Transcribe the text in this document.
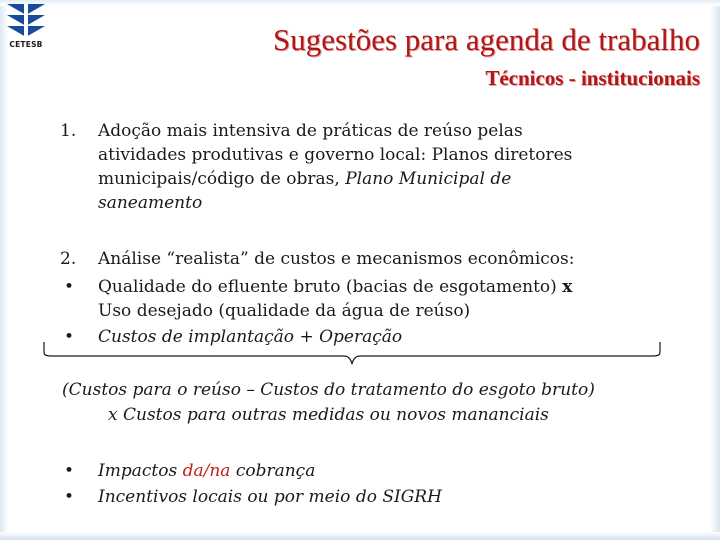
CETESB	Sugestões para agenda de trabalho
Técnicos - institucionais
1.	Adoção mais intensiva de práticas de reúso pelas
atividades produtivas e governo local: Planos diretores
municipais/código de obras, Plano Municipal de
saneamento
2.	Análise “realista” de custos e mecanismos econômicos:
• Qualidade do efluente bruto (bacias de esgotamento) x
Uso desejado (qualidade da água de reúso)
• Custos de implantação + Operação
(Custos para o reúso – Custos do tratamento do esgoto bruto)
x Custos para outras medidas ou novos mananciais
• Impactos da/na cobrança
• Incentivos locais ou por meio do SIGRH
